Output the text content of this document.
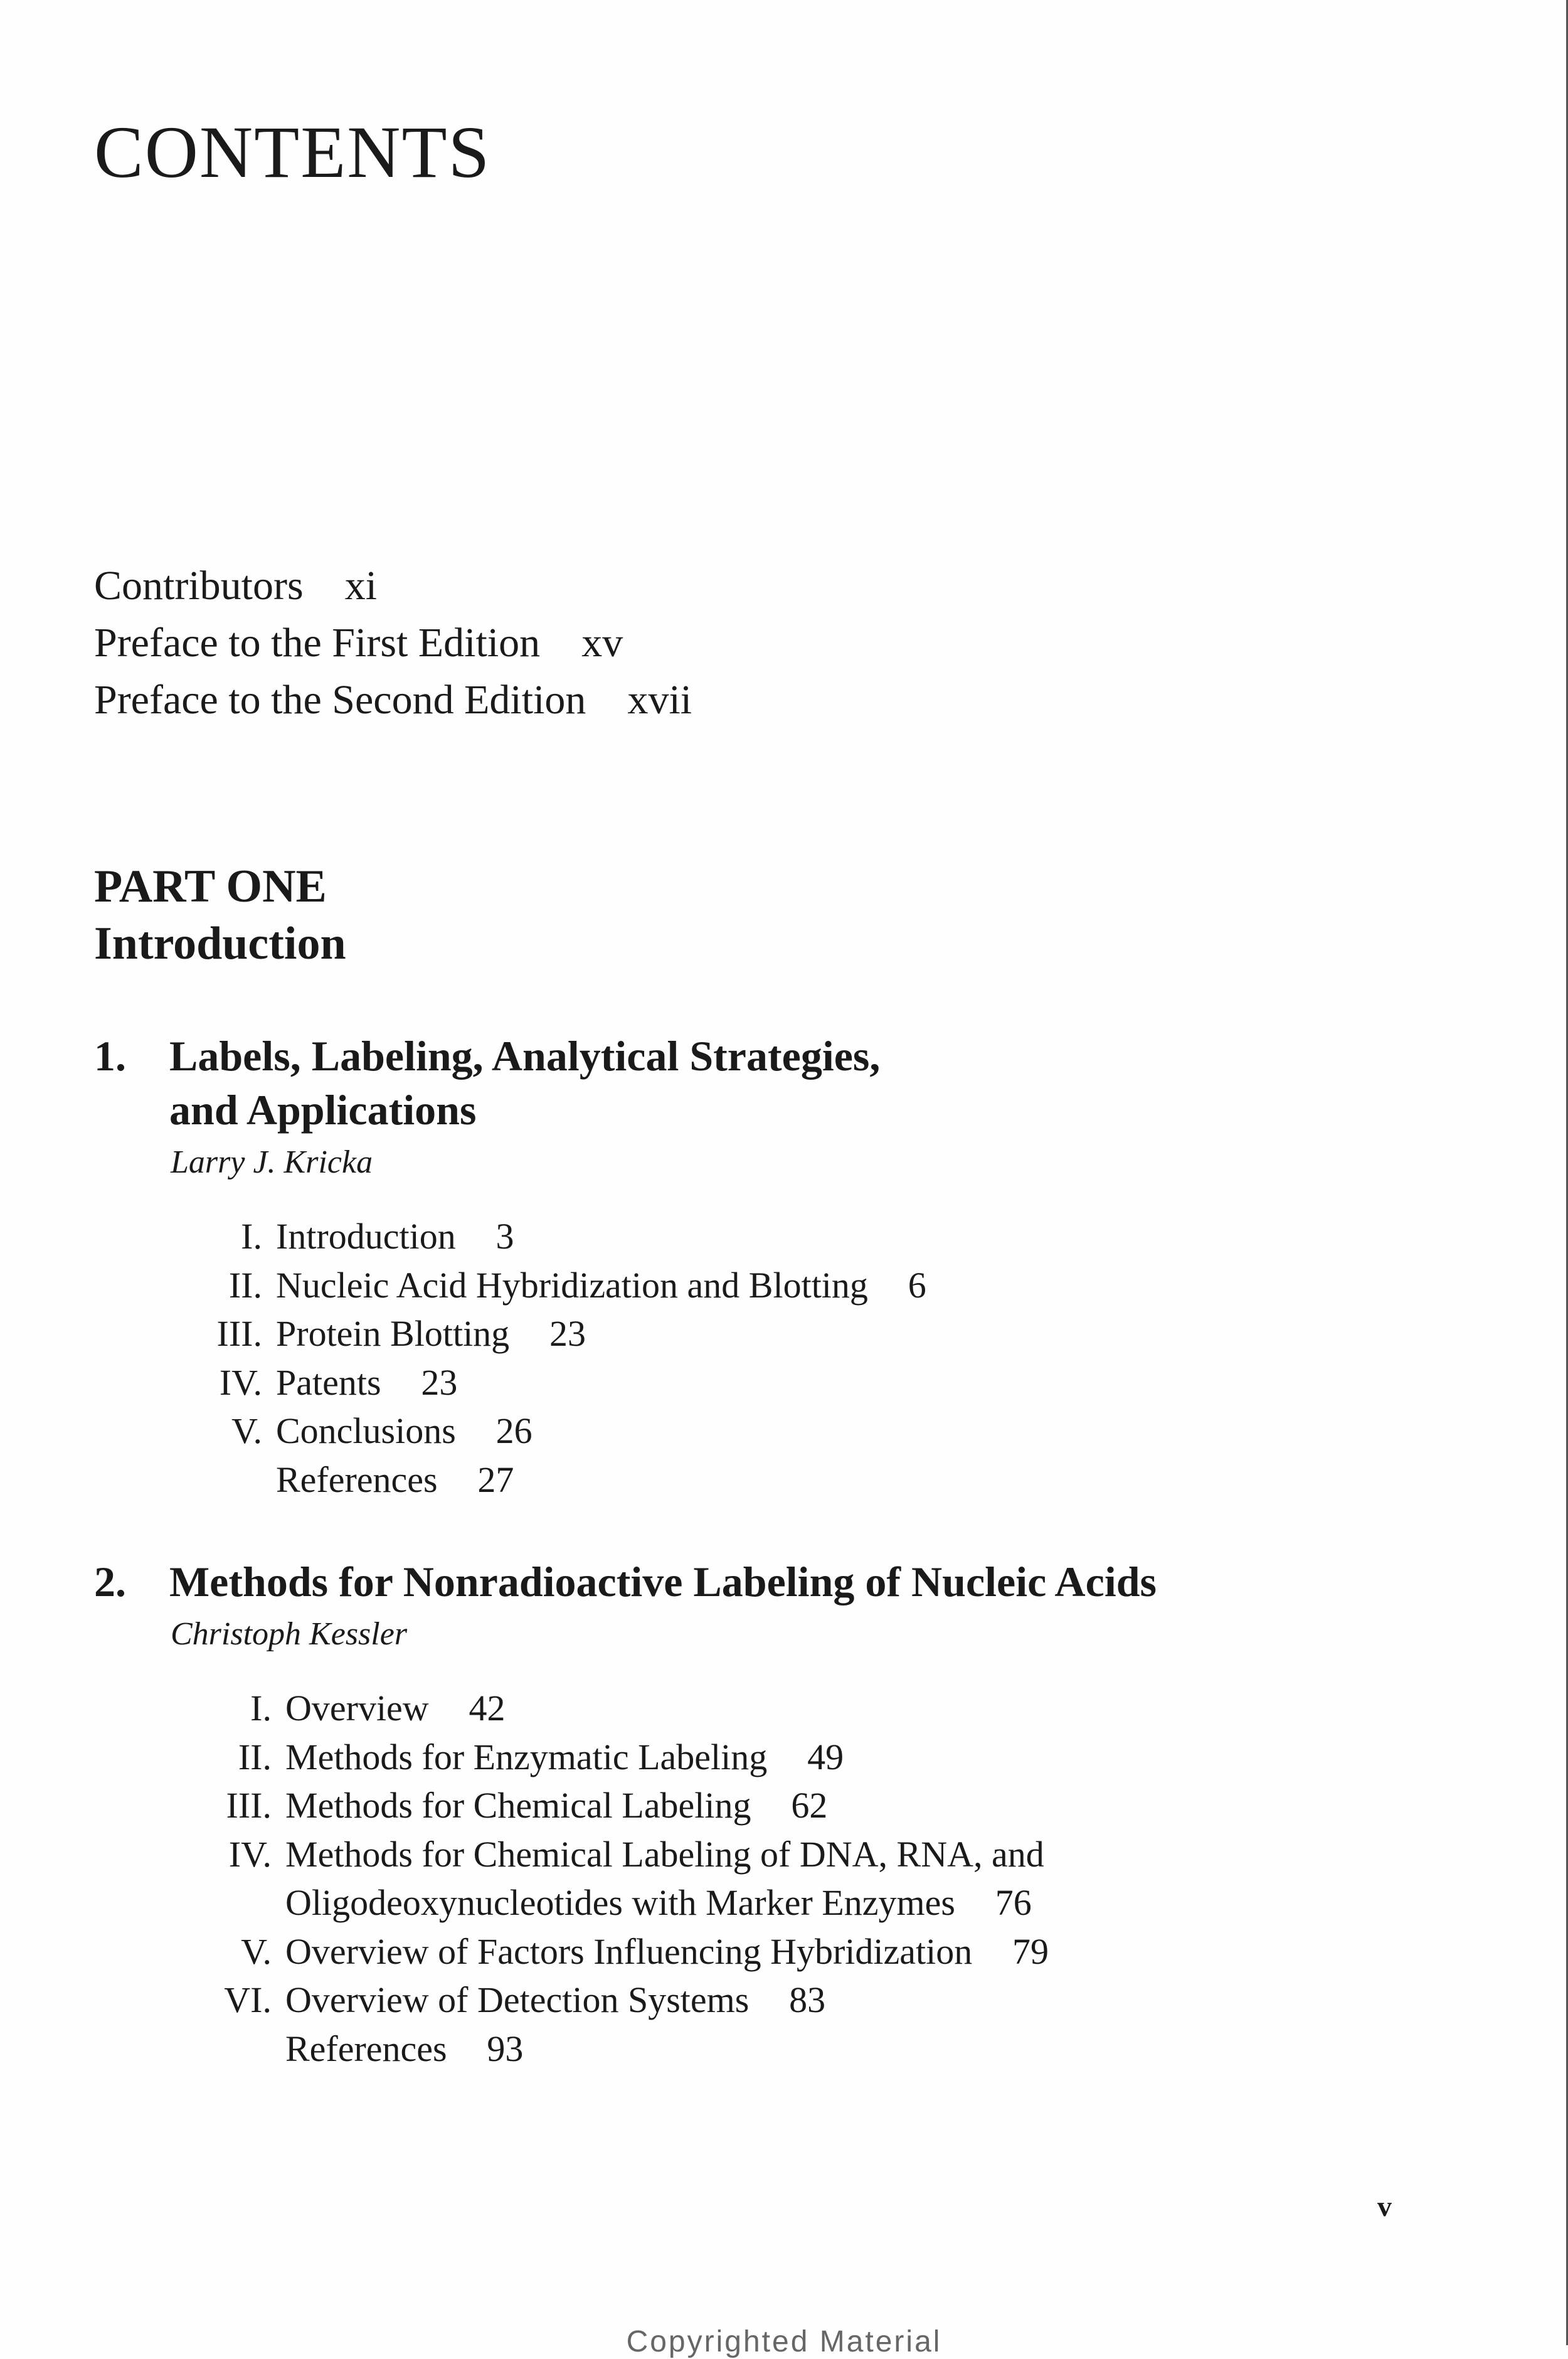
CONTENTS
Contributors xi
Preface to the First Edition xv
Preface to the Second Edition xvii
PART ONE
Introduction
1. Labels, Labeling, Analytical Strategies,
and Applications
Larry J. Kricka
I. Introduction 3
II. Nucleic Acid Hybridization and Blotting 6
III. Protein Blotting 23
IV. Patents 23
V. Conclusions 26
References 27
2. Methods for Nonradioactive Labeling of Nucleic Acids
Christoph Kessler
I. Overview 42
II. Methods for Enzymatic Labeling 49
III. Methods for Chemical Labeling 62
IV. Methods for Chemical Labeling of DNA, RNA, and
Oligodeoxynucleotides with Marker Enzymes 76
V. Overview of Factors Influencing Hybridization 79
VI. Overview of Detection Systems 83
References 93
v
Copyrighted Material
